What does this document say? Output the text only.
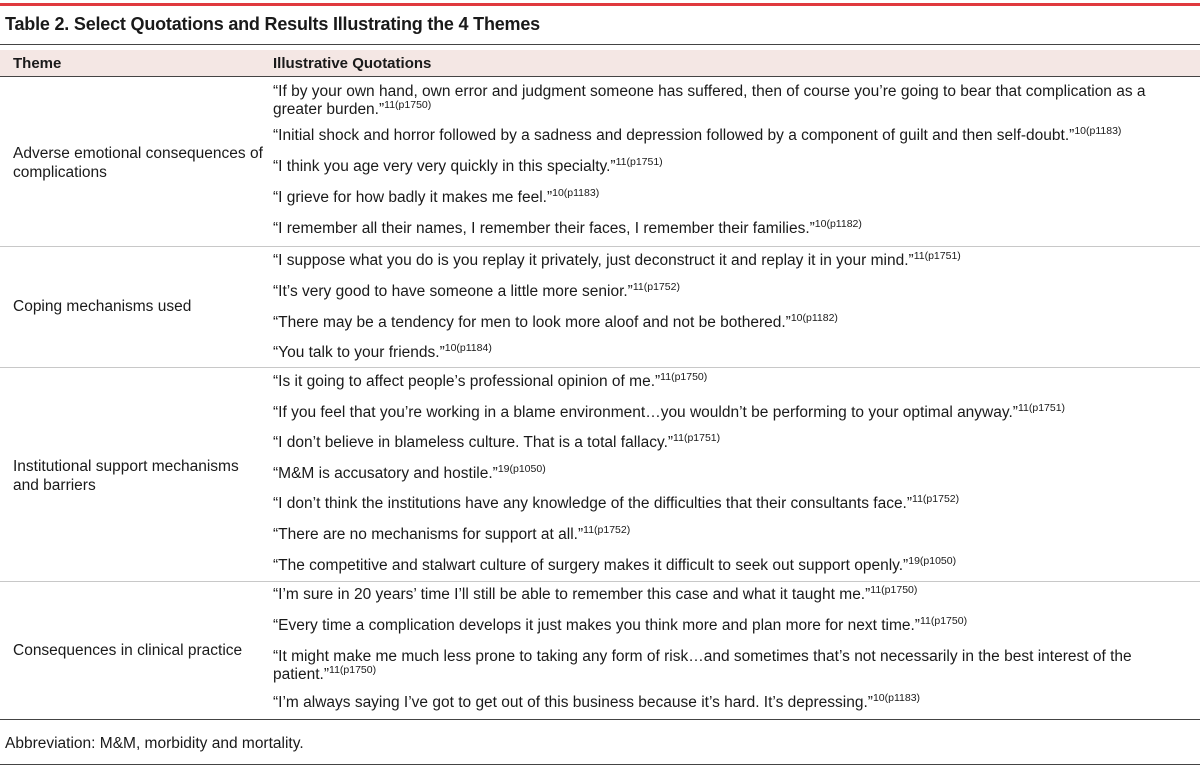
Table 2. Select Quotations and Results Illustrating the 4 Themes
Theme	Illustrative Quotations
Adverse emotional consequences of complications
“If by your own hand, own error and judgment someone has suffered, then of course you’re going to bear that complication as a greater burden.”$^{11(p1750)}$
“Initial shock and horror followed by a sadness and depression followed by a component of guilt and then self-doubt.”$^{10(p1183)}$
“I think you age very very quickly in this specialty.”$^{11(p1751)}$
“I grieve for how badly it makes me feel.”$^{10(p1183)}$
“I remember all their names, I remember their faces, I remember their families.”$^{10(p1182)}$
Coping mechanisms used
“I suppose what you do is you replay it privately, just deconstruct it and replay it in your mind.”$^{11(p1751)}$
“It’s very good to have someone a little more senior.”$^{11(p1752)}$
“There may be a tendency for men to look more aloof and not be bothered.”$^{10(p1182)}$
“You talk to your friends.”$^{10(p1184)}$
Institutional support mechanisms and barriers
“Is it going to affect people’s professional opinion of me.”$^{11(p1750)}$
“If you feel that you’re working in a blame environment…you wouldn’t be performing to your optimal anyway.”$^{11(p1751)}$
“I don’t believe in blameless culture. That is a total fallacy.”$^{11(p1751)}$
“M&M is accusatory and hostile.”$^{19(p1050)}$
“I don’t think the institutions have any knowledge of the difficulties that their consultants face.”$^{11(p1752)}$
“There are no mechanisms for support at all.”$^{11(p1752)}$
“The competitive and stalwart culture of surgery makes it difficult to seek out support openly.”$^{19(p1050)}$
Consequences in clinical practice
“I’m sure in 20 years’ time I’ll still be able to remember this case and what it taught me.”$^{11(p1750)}$
“Every time a complication develops it just makes you think more and plan more for next time.”$^{11(p1750)}$
“It might make me much less prone to taking any form of risk…and sometimes that’s not necessarily in the best interest of the patient.”$^{11(p1750)}$
“I’m always saying I’ve got to get out of this business because it’s hard. It’s depressing.”$^{10(p1183)}$
Abbreviation: M&M, morbidity and mortality.
